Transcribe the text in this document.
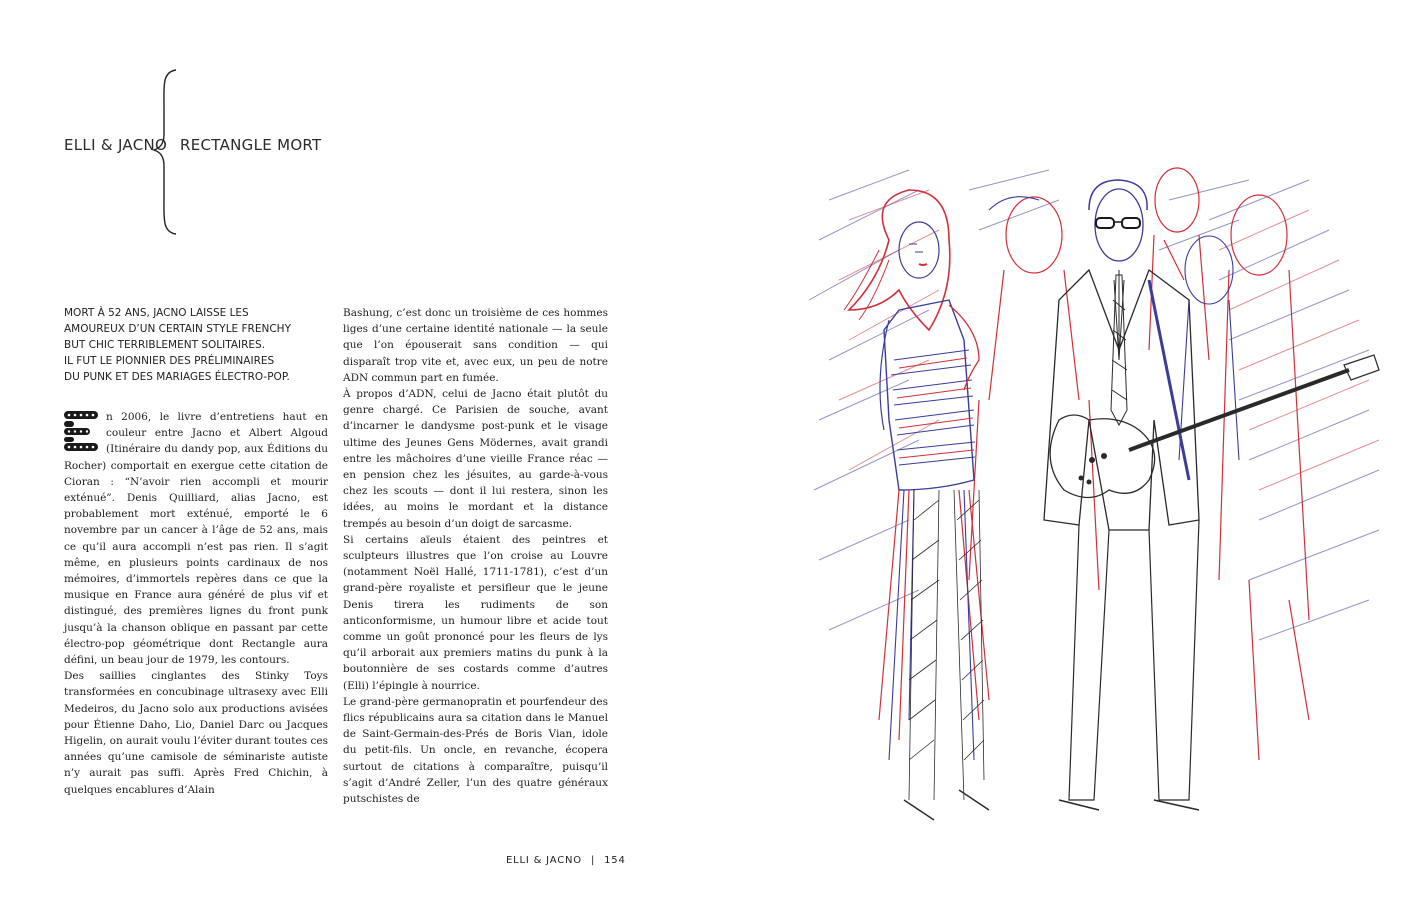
ELLI & JACNO RECTANGLE MORT
MORT À 52 ANS, JACNO LAISSE LES
AMOUREUX D’UN CERTAIN STYLE FRENCHY
BUT CHIC TERRIBLEMENT SOLITAIRES.
IL FUT LE PIONNIER DES PRÉLIMINAIRES
DU PUNK ET DES MARIAGES ÉLECTRO-POP.

n 2006, le livre d’entretiens haut en couleur entre Jacno et Albert Algoud (Itinéraire du dandy pop, aux Éditions du Rocher) comportait en exergue cette citation de Cioran : “N’avoir rien accompli et mourir exténué”. Denis Quilliard, alias Jacno, est probablement mort exténué, emporté le 6 novembre par un cancer à l’âge de 52 ans, mais ce qu’il aura accompli n’est pas rien. Il s’agit même, en plusieurs points cardinaux de nos mémoires, d’immortels repères dans ce que la musique en France aura généré de plus vif et distingué, des premières lignes du front punk jusqu’à la chanson oblique en passant par cette électro-pop géométrique dont Rectangle aura défini, un beau jour de 1979, les contours.

Des saillies cinglantes des Stinky Toys transformées en concubinage ultrasexy avec Elli Medeiros, du Jacno solo aux productions avisées pour Étienne Daho, Lio, Daniel Darc ou Jacques Higelin, on aurait voulu l’éviter durant toutes ces années qu’une camisole de séminariste autiste n’y aurait pas suffi. Après Fred Chichin, à quelques encablures d’Alain

Bashung, c’est donc un troisième de ces hommes liges d’une certaine identité nationale — la seule que l’on épouserait sans condition — qui disparaît trop vite et, avec eux, un peu de notre ADN commun part en fumée.

À propos d’ADN, celui de Jacno était plutôt du genre chargé. Ce Parisien de souche, avant d’incarner le dandysme post-punk et le visage ultime des Jeunes Gens Mödernes, avait grandi entre les mâchoires d’une vieille France réac — en pension chez les jésuites, au garde-à-vous chez les scouts — dont il lui restera, sinon les idées, au moins le mordant et la distance trempés au besoin d’un doigt de sarcasme.

Si certains aïeuls étaient des peintres et sculpteurs illustres que l’on croise au Louvre (notamment Noël Hallé, 1711-1781), c’est d’un grand-père royaliste et persifleur que le jeune Denis tirera les rudiments de son anticonformisme, un humour libre et acide tout comme un goût prononcé pour les fleurs de lys qu’il arborait aux premiers matins du punk à la boutonnière de ses costards comme d’autres (Elli) l’épingle à nourrice.

Le grand-père germanopratin et pourfendeur des flics républicains aura sa citation dans le Manuel de Saint-Germain-des-Prés de Boris Vian, idole du petit-fils. Un oncle, en revanche, écopera surtout de citations à comparaître, puisqu’il s’agit d’André Zeller, l’un des quatre généraux putschistes de

ELLI & JACNO | 154
